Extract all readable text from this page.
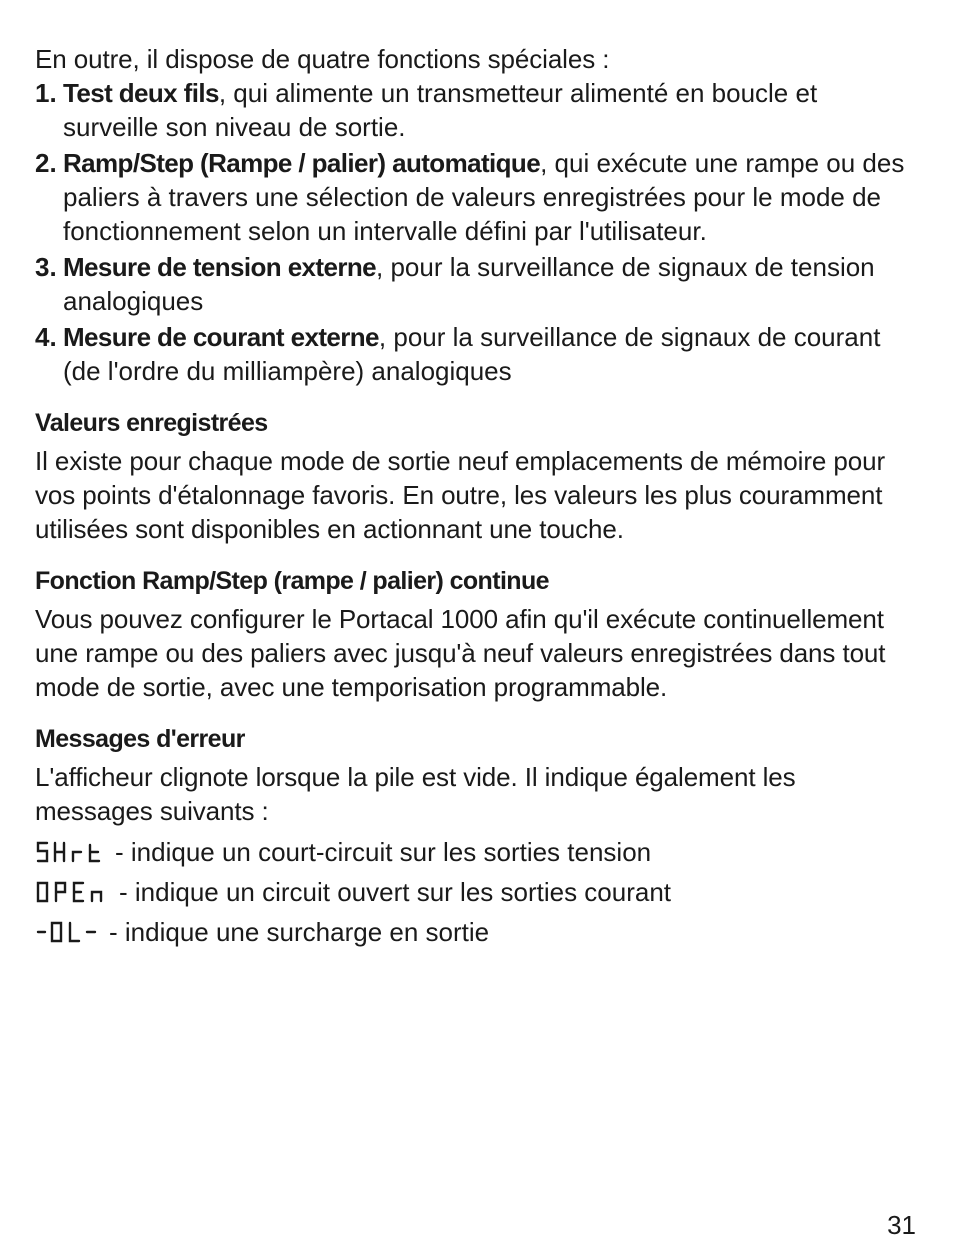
En outre, il dispose de quatre fonctions spéciales :

1. Test deux fils, qui alimente un transmetteur alimenté en boucle et surveille son niveau de sortie.
2. Ramp/Step (Rampe / palier) automatique, qui exécute une rampe ou des paliers à travers une sélection de valeurs enregistrées pour le mode de fonctionnement selon un intervalle défini par l'utilisateur.
3. Mesure de tension externe, pour la surveillance de signaux de tension analogiques
4. Mesure de courant externe, pour la surveillance de signaux de courant (de l'ordre du milliampère) analogiques
Valeurs enregistrées

Il existe pour chaque mode de sortie neuf emplacements de mémoire pour vos points d'étalonnage favoris. En outre, les valeurs les plus couramment utilisées sont disponibles en actionnant une touche.

Fonction Ramp/Step (rampe / palier) continue

Vous pouvez configurer le Portacal 1000 afin qu'il exécute continuellement une rampe ou des paliers avec jusqu'à neuf valeurs enregistrées dans tout mode de sortie, avec une temporisation programmable.

Messages d'erreur

L'afficheur clignote lorsque la pile est vide. Il indique également les messages suivants :

- indique un court-circuit sur les sorties tension
- indique un circuit ouvert sur les sorties courant
- indique une surcharge en sortie
31
